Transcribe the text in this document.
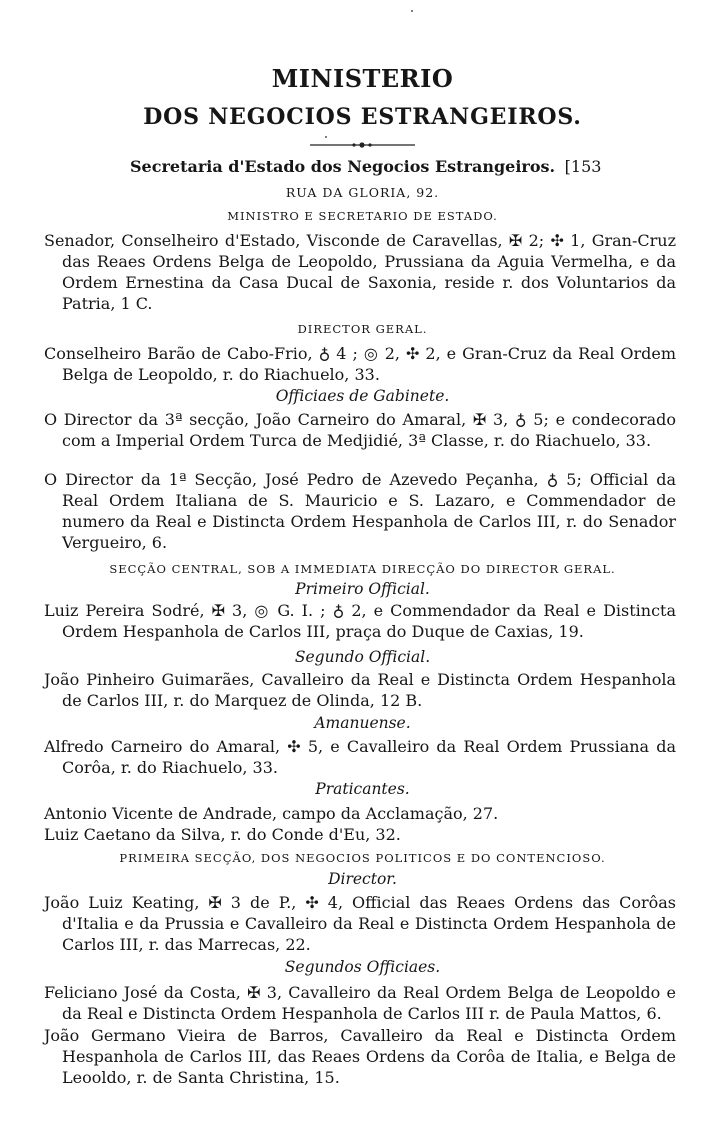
MINISTERIO
DOS NEGOCIOS ESTRANGEIROS.
Secretaria d'Estado dos Negocios Estrangeiros. [153
RUA DA GLORIA, 92.
MINISTRO E SECRETARIO DE ESTADO.
Senador, Conselheiro d'Estado, Visconde de Caravellas, ✠ 2; ✣ 1, Gran-Cruz das Reaes Ordens Belga de Leopoldo, Prussiana da Aguia Vermelha, e da Ordem Ernestina da Casa Ducal de Saxonia, reside r. dos Voluntarios da Patria, 1 C.
DIRECTOR GERAL.
Conselheiro Barão de Cabo-Frio, ♁ 4 ; ◎ 2, ✣ 2, e Gran-Cruz da Real Ordem Belga de Leopoldo, r. do Riachuelo, 33.
Officiaes de Gabinete.
O Director da 3ª secção, João Carneiro do Amaral, ✠ 3, ♁ 5; e condecorado com a Imperial Ordem Turca de Medjidié, 3ª Classe, r. do Riachuelo, 33.
O Director da 1ª Secção, José Pedro de Azevedo Peçanha, ♁ 5; Official da Real Ordem Italiana de S. Mauricio e S. Lazaro, e Commendador de numero da Real e Distincta Ordem Hespanhola de Carlos III, r. do Senador Vergueiro, 6.
SECÇÃO CENTRAL, SOB A IMMEDIATA DIRECÇÃO DO DIRECTOR GERAL.
Primeiro Official.
Luiz Pereira Sodré, ✠ 3, ◎ G. I. ; ♁ 2, e Commendador da Real e Distincta Ordem Hespanhola de Carlos III, praça do Duque de Caxias, 19.
Segundo Official.
João Pinheiro Guimarães, Cavalleiro da Real e Distincta Ordem Hespanhola de Carlos III, r. do Marquez de Olinda, 12 B.
Amanuense.
Alfredo Carneiro do Amaral, ✣ 5, e Cavalleiro da Real Ordem Prussiana da Corôa, r. do Riachuelo, 33.
Praticantes.
Antonio Vicente de Andrade, campo da Acclamação, 27.
Luiz Caetano da Silva, r. do Conde d'Eu, 32.
PRIMEIRA SECÇÃO, DOS NEGOCIOS POLITICOS E DO CONTENCIOSO.
Director.
João Luiz Keating, ✠ 3 de P., ✣ 4, Official das Reaes Ordens das Corôas d'Italia e da Prussia e Cavalleiro da Real e Distincta Ordem Hespanhola de Carlos III, r. das Marrecas, 22.
Segundos Officiaes.
Feliciano José da Costa, ✠ 3, Cavalleiro da Real Ordem Belga de Leopoldo e da Real e Distincta Ordem Hespanhola de Carlos III r. de Paula Mattos, 6.
João Germano Vieira de Barros, Cavalleiro da Real e Distincta Ordem Hespanhola de Carlos III, das Reaes Ordens da Corôa de Italia, e Belga de Leooldo, r. de Santa Christina, 15.
